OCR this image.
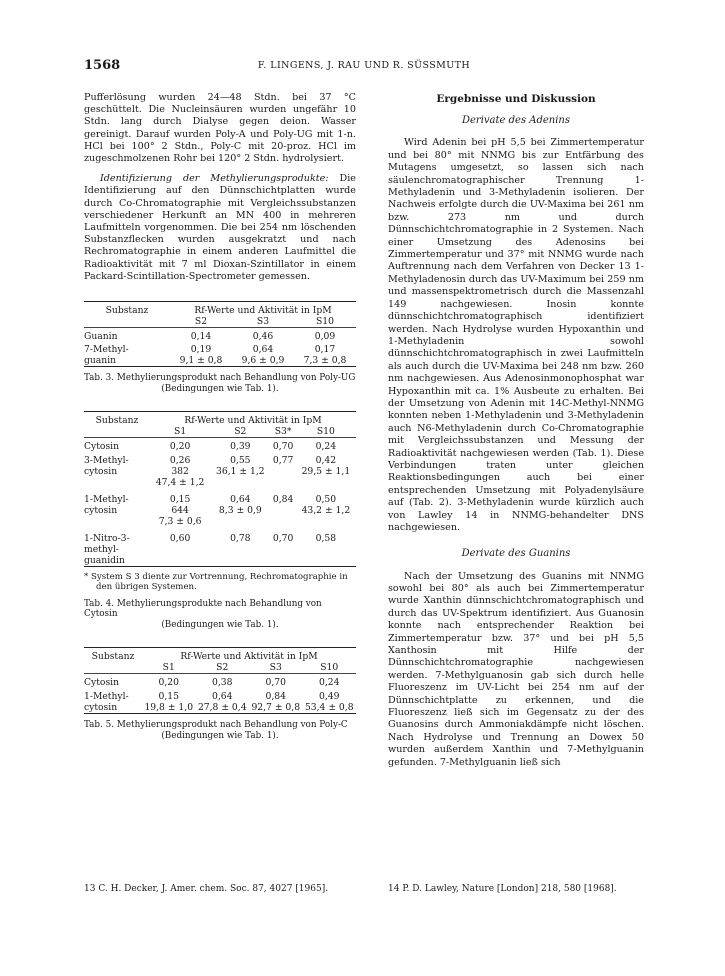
1568	F. LINGENS, J. RAU UND R. SÜSSMUTH

Pufferlösung wurden 24—48 Stdn. bei 37 °C geschüttelt. Die Nucleinsäuren wurden ungefähr 10 Stdn. lang durch Dialyse gegen deion. Wasser gereinigt. Darauf wurden Poly-A und Poly-UG mit 1-n. HCl bei 100° 2 Stdn., Poly-C mit 20-proz. HCl im zugeschmolzenen Rohr bei 120° 2 Stdn. hydrolysiert.

Identifizierung der Methylierungsprodukte: Die Identifizierung auf den Dünnschichtplatten wurde durch Co-Chromatographie mit Vergleichssubstanzen verschiedener Herkunft an MN 400 in mehreren Laufmitteln vorgenommen. Die bei 254 nm löschenden Substanzflecken wurden ausgekratzt und nach Rechromatographie in einem anderen Laufmittel die Radioaktivität mit 7 ml Dioxan-Szintillator in einem Packard-Scintillation-Spectrometer gemessen.

Substanz	Rf-Werte und Aktivität in IpM		
	S2	S3	S10
Guanin	0,14	0,46	0,09
7-Methyl-	0,19	0,64	0,17
guanin	9,1 ± 0,8	9,6 ± 0,9	7,3 ± 0,8

Tab. 3. Methylierungsprodukt nach Behandlung von Poly-UG
(Bedingungen wie Tab. 1).
Substanz	Rf-Werte und Aktivität in IpM			
	S1	S2	S3*	S10
Cytosin	0,20	0,39	0,70	0,24
3-Methyl-	0,26	0,55	0,77	0,42
cytosin	382	36,1 ± 1,2		29,5 ± 1,1
	47,4 ± 1,2			
1-Methyl-	0,15	0,64	0,84	0,50
cytosin	644	8,3 ± 0,9		43,2 ± 1,2
	7,3 ± 0,6			
1-Nitro-3-	0,60	0,78	0,70	0,58
methyl-				
guanidin				

* System S 3 diente zur Vortrennung, Rechromatographie in
den übrigen Systemen.
Tab. 4. Methylierungsprodukte nach Behandlung von Cytosin
(Bedingungen wie Tab. 1).
Substanz	Rf-Werte und Aktivität in IpM			
	S1	S2	S3	S10
Cytosin	0,20	0,38	0,70	0,24
1-Methyl-	0,15	0,64	0,84	0,49
cytosin	19,8 ± 1,0	27,8 ± 0,4	92,7 ± 0,8	53,4 ± 0,8

Tab. 5. Methylierungsprodukt nach Behandlung von Poly-C
(Bedingungen wie Tab. 1).
Ergebnisse und Diskussion
Derivate des Adenins

Wird Adenin bei pH 5,5 bei Zimmertemperatur und bei 80° mit NNMG bis zur Entfärbung des Mutagens umgesetzt, so lassen sich nach säulenchromatographischer Trennung 1-Methyladenin und 3-Methyladenin isolieren. Der Nachweis erfolgte durch die UV-Maxima bei 261 nm bzw. 273 nm und durch Dünnschichtchromatographie in 2 Systemen. Nach einer Umsetzung des Adenosins bei Zimmertemperatur und 37° mit NNMG wurde nach Auftrennung nach dem Verfahren von Decker 13 1-Methyladenosin durch das UV-Maximum bei 259 nm und massenspektrometrisch durch die Massenzahl 149 nachgewiesen. Inosin konnte dünnschichtchromatographisch identifiziert werden. Nach Hydrolyse wurden Hypoxanthin und 1-Methyladenin sowohl dünnschichtchromatographisch in zwei Laufmitteln als auch durch die UV-Maxima bei 248 nm bzw. 260 nm nachgewiesen. Aus Adenosinmonophosphat war Hypoxanthin mit ca. 1% Ausbeute zu erhalten. Bei der Umsetzung von Adenin mit 14C-Methyl-NNMG konnten neben 1-Methyladenin und 3-Methyladenin auch N6-Methyladenin durch Co-Chromatographie mit Vergleichssubstanzen und Messung der Radioaktivität nachgewiesen werden (Tab. 1). Diese Verbindungen traten unter gleichen Reaktionsbedingungen auch bei einer entsprechenden Umsetzung mit Polyadenylsäure auf (Tab. 2). 3-Methyladenin wurde kürzlich auch von Lawley 14 in NNMG-behandelter DNS nachgewiesen.

Derivate des Guanins

Nach der Umsetzung des Guanins mit NNMG sowohl bei 80° als auch bei Zimmertemperatur wurde Xanthin dünnschichtchromatographisch und durch das UV-Spektrum identifiziert. Aus Guanosin konnte nach entsprechender Reaktion bei Zimmertemperatur bzw. 37° und bei pH 5,5 Xanthosin mit Hilfe der Dünnschichtchromatographie nachgewiesen werden. 7-Methylguanosin gab sich durch helle Fluoreszenz im UV-Licht bei 254 nm auf der Dünnschichtplatte zu erkennen, und die Fluoreszenz ließ sich im Gegensatz zu der des Guanosins durch Ammoniakdämpfe nicht löschen. Nach Hydrolyse und Trennung an Dowex 50 wurden außerdem Xanthin und 7-Methylguanin gefunden. 7-Methylguanin ließ sich

13 C. H. Decker, J. Amer. chem. Soc. 87, 4027 [1965].	14 P. D. Lawley, Nature [London] 218, 580 [1968].
